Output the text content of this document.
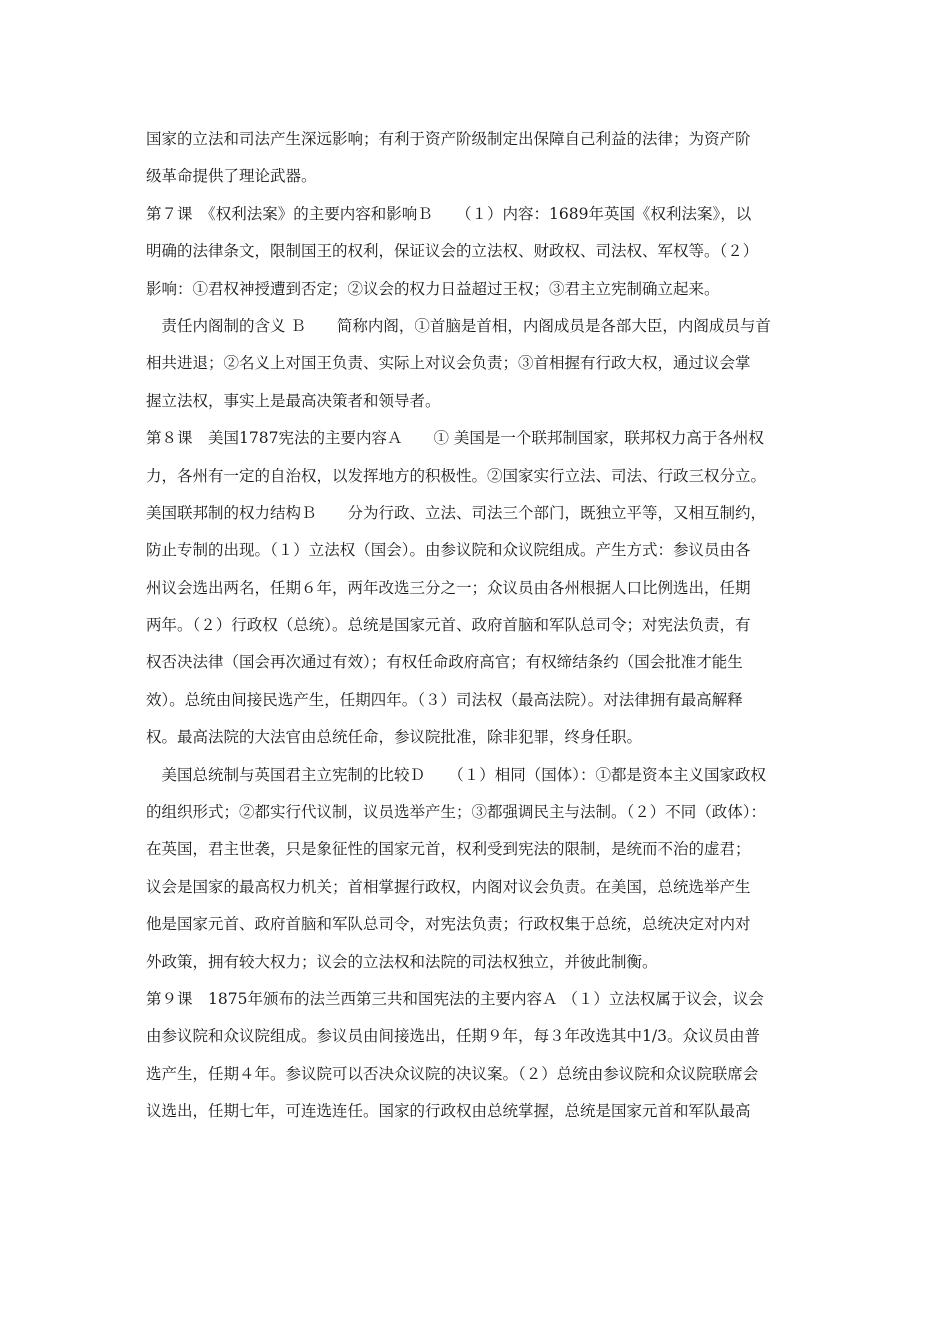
国家的立法和司法产生深远影响；有利于资产阶级制定出保障自己利益的法律；为资产阶
级革命提供了理论武器。
第７课　《权利法案》的主要内容和影响Ｂ　　（１）内容：1689年英国《权利法案》，以
明确的法律条文，限制国王的权利，保证议会的立法权、财政权、司法权、军权等。（２）
影响：①君权神授遭到否定；②议会的权力日益超过王权；③君主立宪制确立起来。
　责任内阁制的含义 Ｂ　　简称内阁，①首脑是首相，内阁成员是各部大臣，内阁成员与首
相共进退；②名义上对国王负责、实际上对议会负责；③首相握有行政大权，通过议会掌
握立法权，事实上是最高决策者和领导者。
第８课　美国1787宪法的主要内容Ａ　　① 美国是一个联邦制国家，联邦权力高于各州权
力，各州有一定的自治权，以发挥地方的积极性。②国家实行立法、司法、行政三权分立。
美国联邦制的权力结构Ｂ　　分为行政、立法、司法三个部门，既独立平等，又相互制约，
防止专制的出现。（１）立法权（国会）。由参议院和众议院组成。产生方式：参议员由各
州议会选出两名，任期６年，两年改选三分之一；众议员由各州根据人口比例选出，任期
两年。（２）行政权（总统）。总统是国家元首、政府首脑和军队总司令；对宪法负责，有
权否决法律（国会再次通过有效）；有权任命政府高官；有权缔结条约（国会批准才能生
效）。总统由间接民选产生，任期四年。（３）司法权（最高法院）。对法律拥有最高解释
权。最高法院的大法官由总统任命，参议院批准，除非犯罪，终身任职。
　美国总统制与英国君主立宪制的比较Ｄ　　（１）相同（国体）：①都是资本主义国家政权
的组织形式；②都实行代议制，议员选举产生；③都强调民主与法制。（２）不同（政体）：
在英国，君主世袭，只是象征性的国家元首，权利受到宪法的限制，是统而不治的虚君；
议会是国家的最高权力机关；首相掌握行政权，内阁对议会负责。在美国，总统选举产生
他是国家元首、政府首脑和军队总司令，对宪法负责；行政权集于总统，总统决定对内对
外政策，拥有较大权力；议会的立法权和法院的司法权独立，并彼此制衡。
第９课　1875年颁布的法兰西第三共和国宪法的主要内容Ａ （１）立法权属于议会，议会
由参议院和众议院组成。参议员由间接选出，任期９年，每３年改选其中1/3。众议员由普
选产生，任期４年。参议院可以否决众议院的决议案。（２）总统由参议院和众议院联席会
议选出，任期七年，可连选连任。国家的行政权由总统掌握，总统是国家元首和军队最高
